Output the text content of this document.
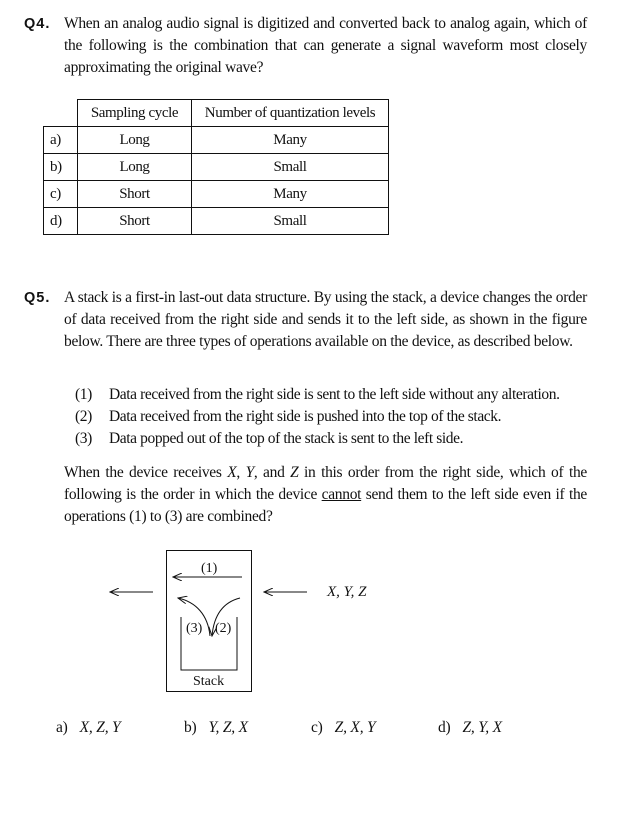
Q4. When an analog audio signal is digitized and converted back to analog again, which of the following is the combination that can generate a signal waveform most closely approximating the original wave?
	Sampling cycle	Number of quantization levels
a)	Long	Many
b)	Long	Small
c)	Short	Many
d)	Short	Small
Q5. A stack is a first-in last-out data structure. By using the stack, a device changes the order of data received from the right side and sends it to the left side, as shown in the figure below. There are three types of operations available on the device, as described below.
(1) Data received from the right side is sent to the left side without any alteration.
(2) Data received from the right side is pushed into the top of the stack.
(3) Data popped out of the top of the stack is sent to the left side.
When the device receives X, Y, and Z in this order from the right side, which of the following is the order in which the device cannot send them to the left side even if the operations (1) to (3) are combined?
(1)
(3) (2)
Stack
X, Y, Z
a) X, Z, Y	b) Y, Z, X	c) Z, X, Y	d) Z, Y, X
